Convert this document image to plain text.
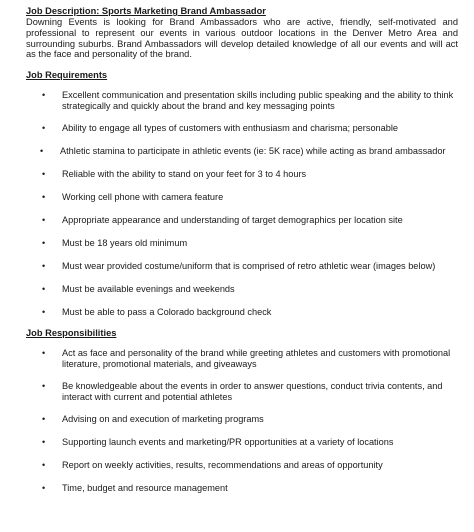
Job Description: Sports Marketing Brand Ambassador

Downing Events is looking for Brand Ambassadors who are active, friendly, self-motivated and professional to represent our events in various outdoor locations in the Denver Metro Area and surrounding suburbs. Brand Ambassadors will develop detailed knowledge of all our events and will act as the face and personality of the brand.

Job Requirements

• Excellent communication and presentation skills including public speaking and the ability to think strategically and quickly about the brand and key messaging points
• Ability to engage all types of customers with enthusiasm and charisma; personable
• Athletic stamina to participate in athletic events (ie: 5K race) while acting as brand ambassador
• Reliable with the ability to stand on your feet for 3 to 4 hours
• Working cell phone with camera feature
• Appropriate appearance and understanding of target demographics per location site
• Must be 18 years old minimum
• Must wear provided costume/uniform that is comprised of retro athletic wear (images below)
• Must be available evenings and weekends
• Must be able to pass a Colorado background check

Job Responsibilities

• Act as face and personality of the brand while greeting athletes and customers with promotional literature, promotional materials, and giveaways
• Be knowledgeable about the events in order to answer questions, conduct trivia contents, and interact with current and potential athletes
• Advising on and execution of marketing programs
• Supporting launch events and marketing/PR opportunities at a variety of locations
• Report on weekly activities, results, recommendations and areas of opportunity
• Time, budget and resource management
